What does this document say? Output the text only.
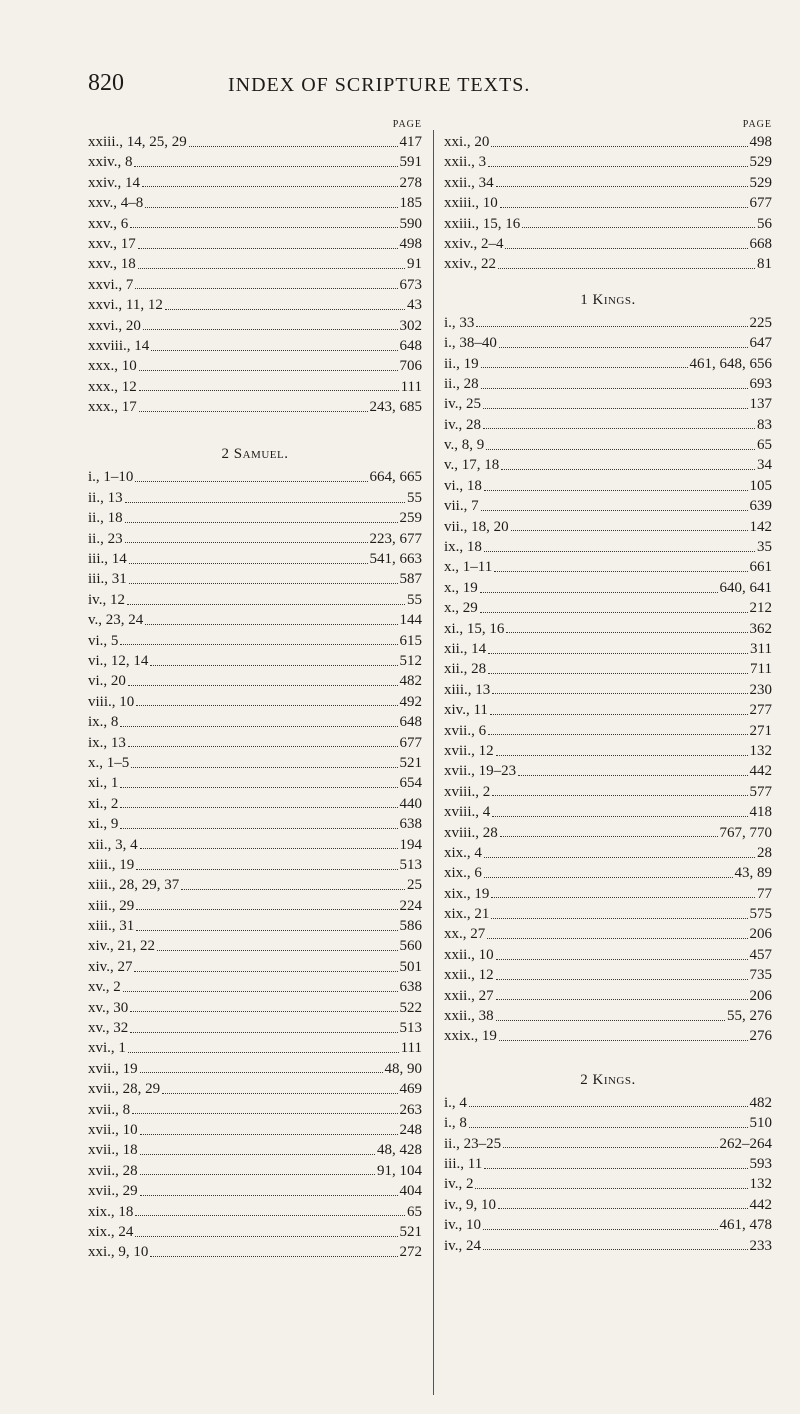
820	INDEX OF SCRIPTURE TEXTS.
PAGE
xxiii., 14, 25, 29	417
xxiv., 8	591
xxiv., 14	278
xxv., 4–8	185
xxv., 6	590
xxv., 17	498
xxv., 18	91
xxvi., 7	673
xxvi., 11, 12	43
xxvi., 20	302
xxviii., 14	648
xxx., 10	706
xxx., 12	111
xxx., 17	243, 685
2 Samuel.
i., 1–10	664, 665
ii., 13	55
ii., 18	259
ii., 23	223, 677
iii., 14	541, 663
iii., 31	587
iv., 12	55
v., 23, 24	144
vi., 5	615
vi., 12, 14	512
vi., 20	482
viii., 10	492
ix., 8	648
ix., 13	677
x., 1–5	521
xi., 1	654
xi., 2	440
xi., 9	638
xii., 3, 4	194
xiii., 19	513
xiii., 28, 29, 37	25
xiii., 29	224
xiii., 31	586
xiv., 21, 22	560
xiv., 27	501
xv., 2	638
xv., 30	522
xv., 32	513
xvi., 1	111
xvii., 19	48, 90
xvii., 28, 29	469
xvii., 8	263
xvii., 10	248
xvii., 18	48, 428
xvii., 28	91, 104
xvii., 29	404
xix., 18	65
xix., 24	521
xxi., 9, 10	272
PAGE
xxi., 20	498
xxii., 3	529
xxii., 34	529
xxiii., 10	677
xxiii., 15, 16	56
xxiv., 2–4	668
xxiv., 22	81
1 Kings.
i., 33	225
i., 38–40	647
ii., 19	461, 648, 656
ii., 28	693
iv., 25	137
iv., 28	83
v., 8, 9	65
v., 17, 18	34
vi., 18	105
vii., 7	639
vii., 18, 20	142
ix., 18	35
x., 1–11	661
x., 19	640, 641
x., 29	212
xi., 15, 16	362
xii., 14	311
xii., 28	711
xiii., 13	230
xiv., 11	277
xvii., 6	271
xvii., 12	132
xvii., 19–23	442
xviii., 2	577
xviii., 4	418
xviii., 28	767, 770
xix., 4	28
xix., 6	43, 89
xix., 19	77
xix., 21	575
xx., 27	206
xxii., 10	457
xxii., 12	735
xxii., 27	206
xxii., 38	55, 276
xxix., 19	276
2 Kings.
i., 4	482
i., 8	510
ii., 23–25	262–264
iii., 11	593
iv., 2	132
iv., 9, 10	442
iv., 10	461, 478
iv., 24	233
